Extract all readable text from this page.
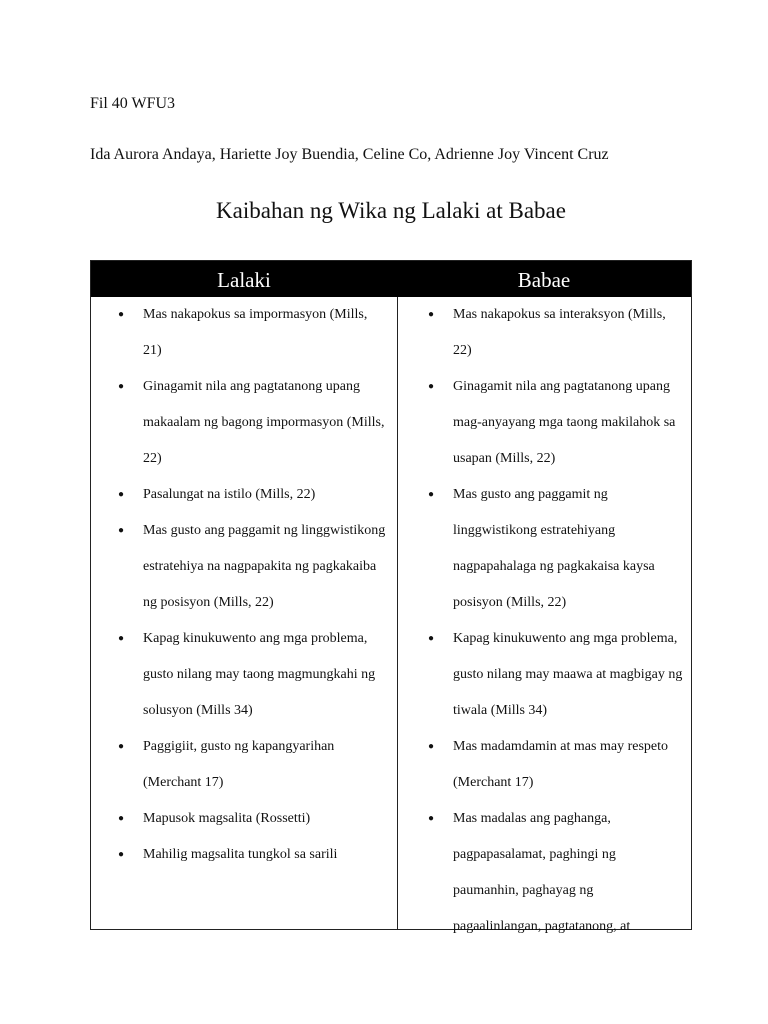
Fil 40 WFU3
Ida Aurora Andaya, Hariette Joy Buendia, Celine Co, Adrienne Joy Vincent Cruz
Kaibahan ng Wika ng Lalaki at Babae
Lalaki	Babae
● Mas nakapokus sa impormasyon (Mills, 21)
● Ginagamit nila ang pagtatanong upang makaalam ng bagong impormasyon (Mills, 22)
● Pasalungat na istilo (Mills, 22)
● Mas gusto ang paggamit ng linggwistikong estratehiya na nagpapakita ng pagkakaiba ng posisyon (Mills, 22)
● Kapag kinukuwento ang mga problema, gusto nilang may taong magmungkahi ng solusyon (Mills 34)
● Paggigiit, gusto ng kapangyarihan (Merchant 17)
● Mapusok magsalita (Rossetti)
● Mahilig magsalita tungkol sa sarili
● Mas nakapokus sa interaksyon (Mills, 22)
● Ginagamit nila ang pagtatanong upang mag-anyayang mga taong makilahok sa usapan (Mills, 22)
● Mas gusto ang paggamit ng linggwistikong estratehiyang nagpapahalaga ng pagkakaisa kaysa posisyon (Mills, 22)
● Kapag kinukuwento ang mga problema, gusto nilang may maawa at magbigay ng tiwala (Mills 34)
● Mas madamdamin at mas may respeto (Merchant 17)
● Mas madalas ang paghanga, pagpapasalamat, paghingi ng paumanhin, paghayag ng pagaalinlangan, pagtatanong, at
